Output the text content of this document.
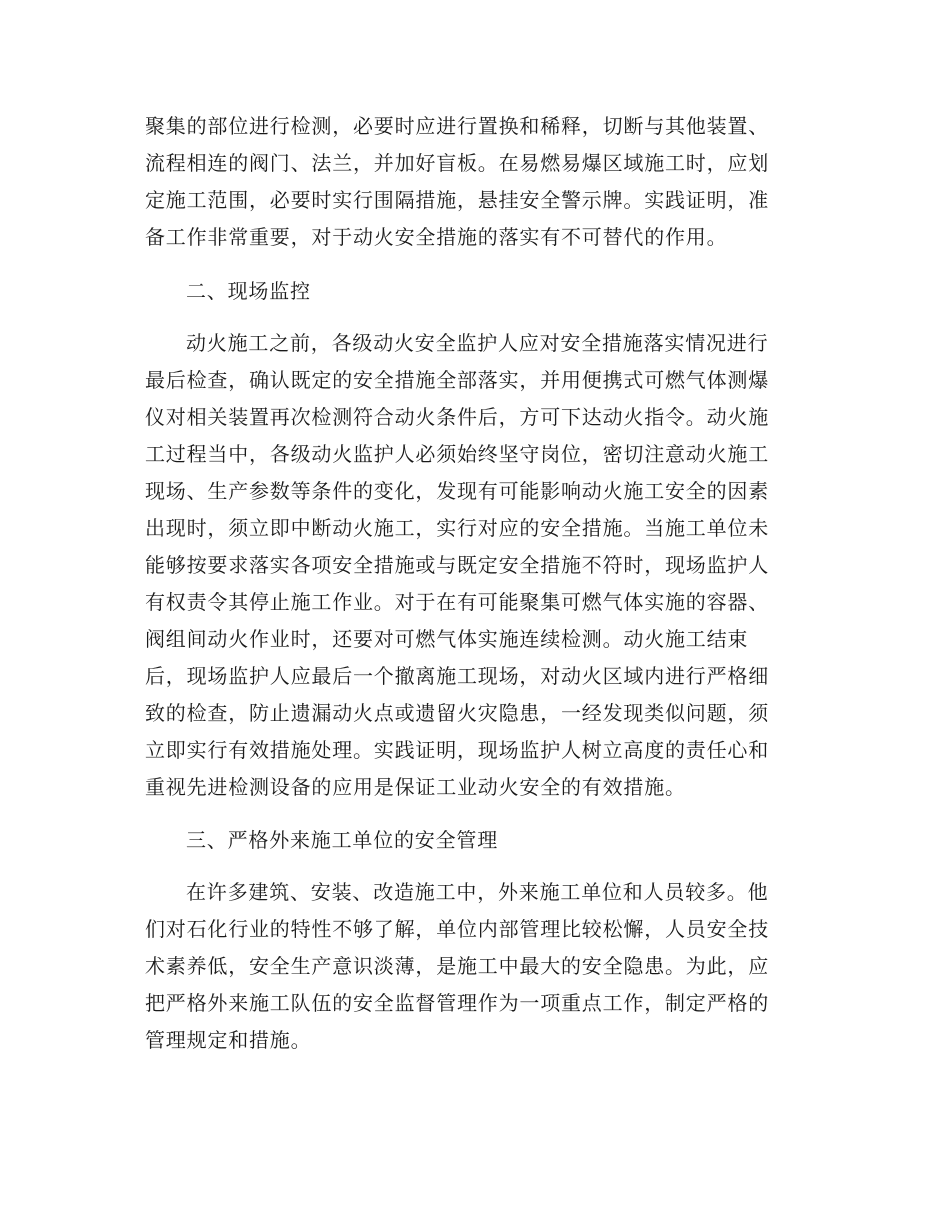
聚集的部位进行检测，必要时应进行置换和稀释，切断与其他装置、

流程相连的阀门、法兰，并加好盲板。在易燃易爆区域施工时，应划

定施工范围，必要时实行围隔措施，悬挂安全警示牌。实践证明，准

备工作非常重要，对于动火安全措施的落实有不可替代的作用。

二、现场监控

动火施工之前，各级动火安全监护人应对安全措施落实情况进行

最后检查，确认既定的安全措施全部落实，并用便携式可燃气体测爆

仪对相关装置再次检测符合动火条件后，方可下达动火指令。动火施

工过程当中，各级动火监护人必须始终坚守岗位，密切注意动火施工

现场、生产参数等条件的变化，发现有可能影响动火施工安全的因素

出现时，须立即中断动火施工，实行对应的安全措施。当施工单位未

能够按要求落实各项安全措施或与既定安全措施不符时，现场监护人

有权责令其停止施工作业。对于在有可能聚集可燃气体实施的容器、

阀组间动火作业时，还要对可燃气体实施连续检测。动火施工结束

后，现场监护人应最后一个撤离施工现场，对动火区域内进行严格细

致的检查，防止遗漏动火点或遗留火灾隐患，一经发现类似问题，须

立即实行有效措施处理。实践证明，现场监护人树立高度的责任心和

重视先进检测设备的应用是保证工业动火安全的有效措施。

三、严格外来施工单位的安全管理

在许多建筑、安装、改造施工中，外来施工单位和人员较多。他

们对石化行业的特性不够了解，单位内部管理比较松懈，人员安全技

术素养低，安全生产意识淡薄，是施工中最大的安全隐患。为此，应

把严格外来施工队伍的安全监督管理作为一项重点工作，制定严格的

管理规定和措施。
